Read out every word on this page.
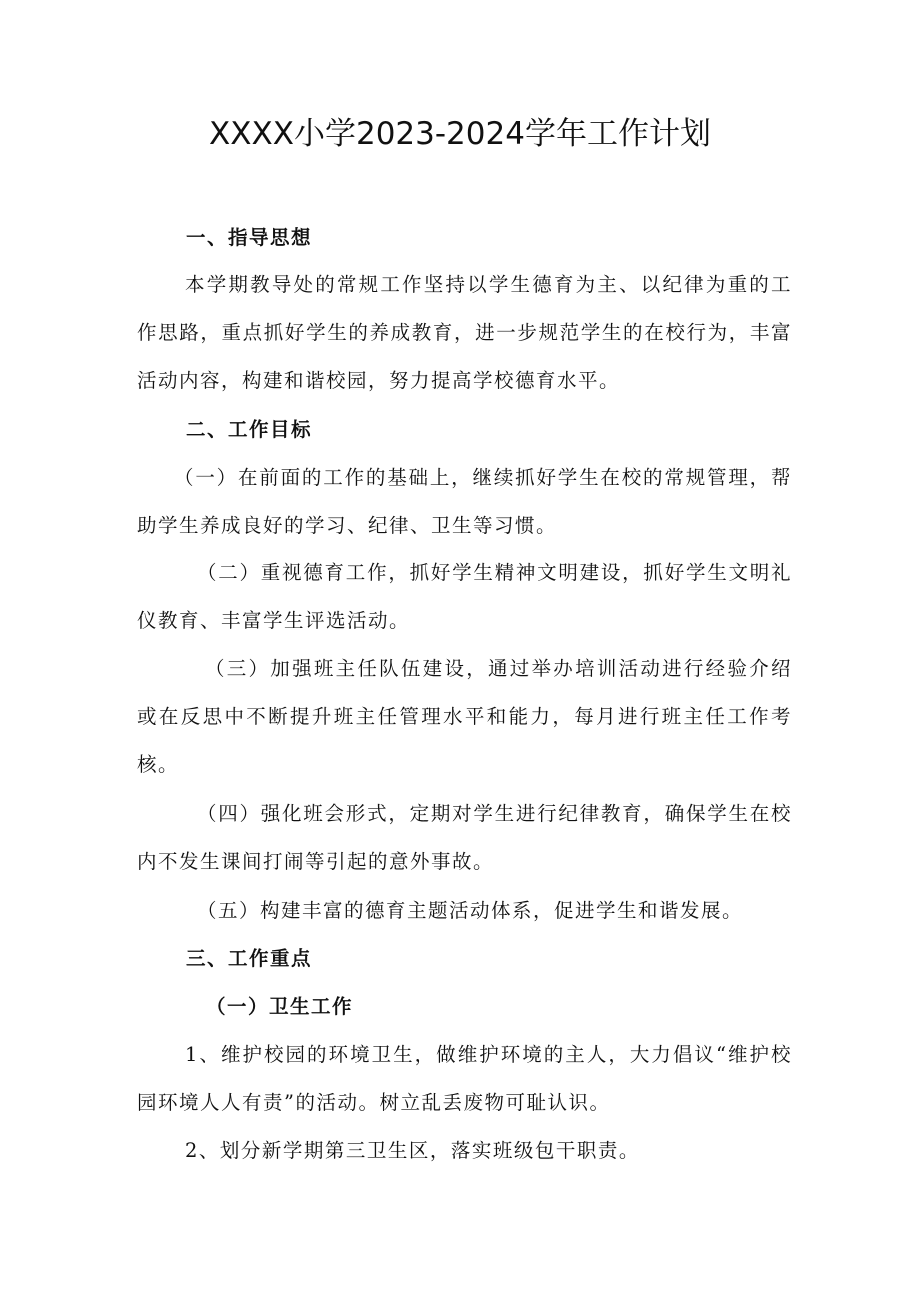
XXXX小学2023-2024学年工作计划
一、指导思想
本学期教导处的常规工作坚持以学生德育为主、以纪律为重的工作思路，重点抓好学生的养成教育，进一步规范学生的在校行为，丰富活动内容，构建和谐校园，努力提高学校德育水平。
二、工作目标
（一）在前面的工作的基础上，继续抓好学生在校的常规管理，帮助学生养成良好的学习、纪律、卫生等习惯。
（二）重视德育工作，抓好学生精神文明建设，抓好学生文明礼仪教育、丰富学生评选活动。
（三）加强班主任队伍建设，通过举办培训活动进行经验介绍或在反思中不断提升班主任管理水平和能力，每月进行班主任工作考核。
（四）强化班会形式，定期对学生进行纪律教育，确保学生在校内不发生课间打闹等引起的意外事故。
（五）构建丰富的德育主题活动体系，促进学生和谐发展。
三、工作重点
（一）卫生工作
1、维护校园的环境卫生，做维护环境的主人，大力倡议“维护校园环境人人有责”的活动。树立乱丢废物可耻认识。
2、划分新学期第三卫生区，落实班级包干职责。
